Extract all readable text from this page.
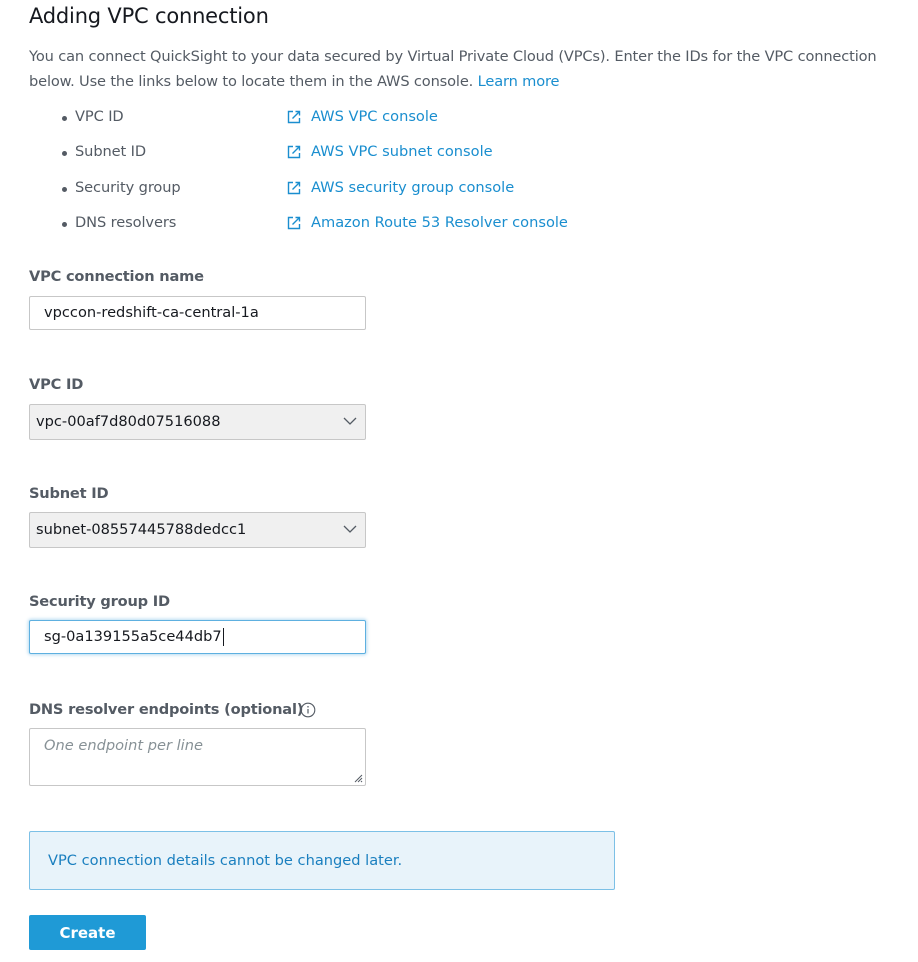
Adding VPC connection
You can connect QuickSight to your data secured by Virtual Private Cloud (VPCs). Enter the IDs for the VPC connection below. Use the links below to locate them in the AWS console. Learn more
VPC ID	AWS VPC console
Subnet ID	AWS VPC subnet console
Security group	AWS security group console
DNS resolvers	Amazon Route 53 Resolver console
VPC connection name
vpccon-redshift-ca-central-1a
VPC ID
vpc-00af7d80d07516088
Subnet ID
subnet-08557445788dedcc1
Security group ID
sg-0a139155a5ce44db7
DNS resolver endpoints (optional)
One endpoint per line
VPC connection details cannot be changed later.
Create
